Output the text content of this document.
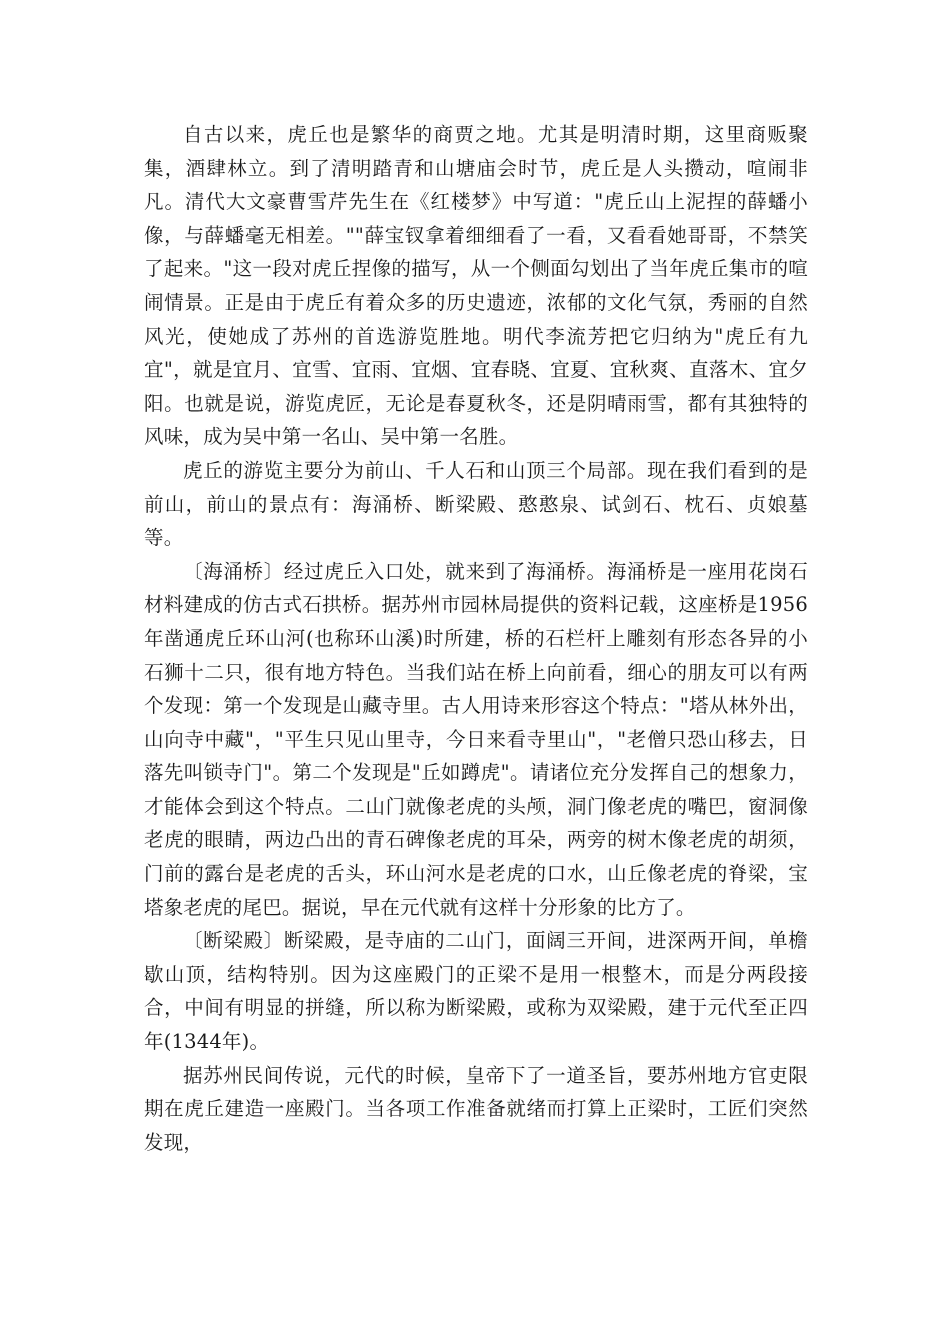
自古以来，虎丘也是繁华的商贾之地。尤其是明清时期，这里商贩聚集，酒肆林立。到了清明踏青和山塘庙会时节，虎丘是人头攒动，喧闹非凡。清代大文豪曹雪芹先生在《红楼梦》中写道："虎丘山上泥捏的薛蟠小像，与薛蟠毫无相差。""薛宝钗拿着细细看了一看，又看看她哥哥，不禁笑了起来。"这一段对虎丘捏像的描写，从一个侧面勾划出了当年虎丘集市的喧闹情景。正是由于虎丘有着众多的历史遗迹，浓郁的文化气氛，秀丽的自然风光，使她成了苏州的首选游览胜地。明代李流芳把它归纳为"虎丘有九宜"，就是宜月、宜雪、宜雨、宜烟、宜春晓、宜夏、宜秋爽、直落木、宜夕阳。也就是说，游览虎匠，无论是春夏秋冬，还是阴晴雨雪，都有其独特的风味，成为吴中第一名山、吴中第一名胜。

虎丘的游览主要分为前山、千人石和山顶三个局部。现在我们看到的是前山，前山的景点有：海涌桥、断梁殿、憨憨泉、试剑石、枕石、贞娘墓等。

〔海涌桥〕经过虎丘入口处，就来到了海涌桥。海涌桥是一座用花岗石材料建成的仿古式石拱桥。据苏州市园林局提供的资料记载，这座桥是1956年凿通虎丘环山河(也称环山溪)时所建，桥的石栏杆上雕刻有形态各异的小石狮十二只，很有地方特色。当我们站在桥上向前看，细心的朋友可以有两个发现：第一个发现是山藏寺里。古人用诗来形容这个特点："塔从林外出，山向寺中藏"，"平生只见山里寺，今日来看寺里山"，"老僧只恐山移去，日落先叫锁寺门"。第二个发现是"丘如蹲虎"。请诸位充分发挥自己的想象力，才能体会到这个特点。二山门就像老虎的头颅，洞门像老虎的嘴巴，窗洞像老虎的眼睛，两边凸出的青石碑像老虎的耳朵，两旁的树木像老虎的胡须，门前的露台是老虎的舌头，环山河水是老虎的口水，山丘像老虎的脊梁，宝塔象老虎的尾巴。据说，早在元代就有这样十分形象的比方了。

〔断梁殿〕断梁殿，是寺庙的二山门，面阔三开间，进深两开间，单檐歇山顶，结构特别。因为这座殿门的正梁不是用一根整木，而是分两段接合，中间有明显的拼缝，所以称为断梁殿，或称为双梁殿，建于元代至正四年(1344年)。

据苏州民间传说，元代的时候，皇帝下了一道圣旨，要苏州地方官吏限期在虎丘建造一座殿门。当各项工作准备就绪而打算上正梁时，工匠们突然发现，
